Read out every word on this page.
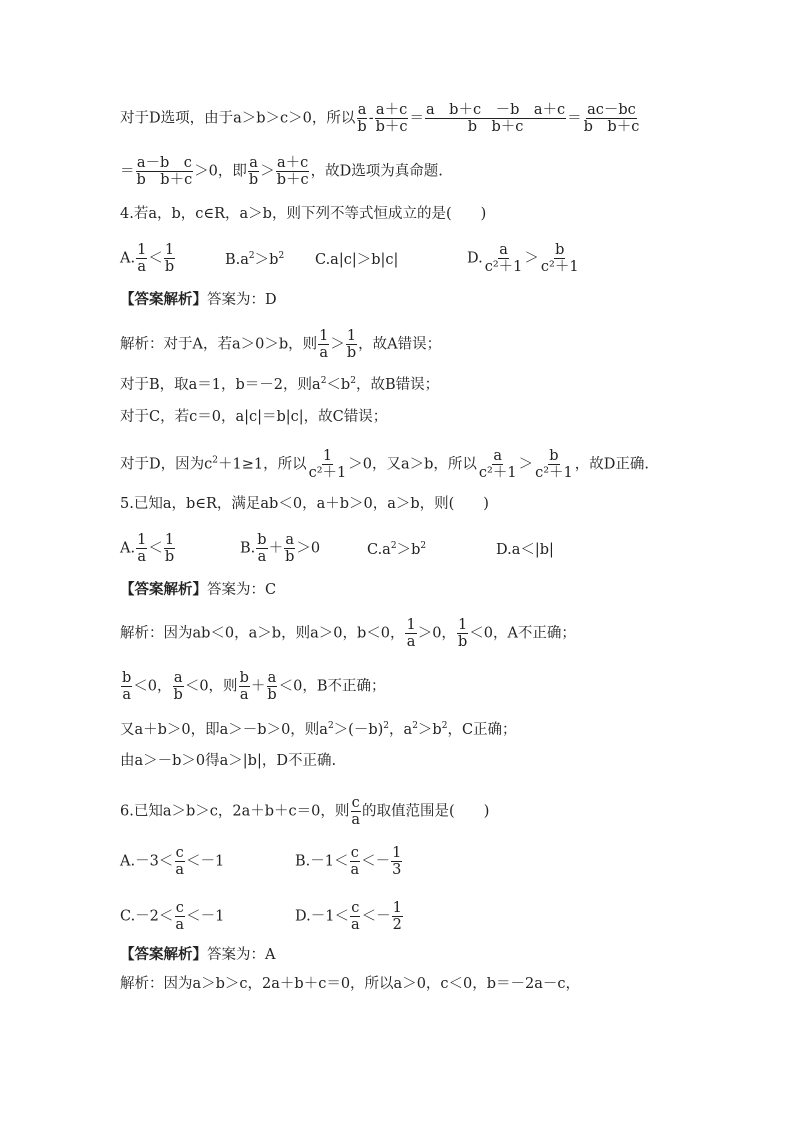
对于D选项，由于a＞b＞c＞0，所以 $\frac{a}{b} - \frac{a+c}{b+c} = \frac{\text{a　b＋c　－b　a＋c}}{\text{b　b＋c}} = \frac{ac-bc}{\text{b　b＋c}}$
＝ $\frac{\text{a－b　c}}{\text{b　b＋c}} >0$，即 $\frac{a}{b} > \frac{a+c}{b+c}$ ，故D选项为真命题.
4.若a，b，c∈R，a＞b，则下列不等式恒成立的是(　　)
A. $\frac{1}{a} < \frac{1}{b}$	$B.a^2>b^2$ C.a|c|＞b|c|	D. $\frac{a}{\text{c²＋1}} > \frac{b}{\text{c²＋1}}$
【答案解析】答案为：D
解析：对于A，若a＞0＞b，则 $\frac{1}{a} > \frac{1}{b}$ ，故A错误；
对于B，取a＝1，b＝－2，则$a^2<b^2$，故B错误；
对于C，若c＝0，a|c|＝b|c|，故C错误；
对于D，因为$c^2+1\ge 1$，所以 $\frac{1}{\text{c²＋1}} >0$，又a＞b，所以 $\frac{a}{\text{c²＋1}} > \frac{b}{\text{c²＋1}}$ ，故D正确.
5.已知a，b∈R，满足ab＜0，a＋b＞0，a＞b，则(　　)
A. $\frac{1}{a} < \frac{1}{b}$	B. $\frac{b}{a} + \frac{a}{b} >0$	$C.a^2>b^2$	D.a＜|b|
【答案解析】答案为：C
解析：因为ab＜0，a＞b，则a＞0，b＜0， $\frac{1}{a} >0$， $\frac{1}{b} <0$，A不正确；
$\frac{b}{a} <0$， $\frac{a}{b} <0$，则 $\frac{b}{a} + \frac{a}{b} <0$，B不正确；
又a＋b＞0，即a＞－b＞0，则$a^2>(-b)^2$，$a^2>b^2$，C正确；
由a＞－b＞0得a＞|b|，D不正确.
6.已知a＞b＞c，2a＋b＋c＝0，则 $\frac{c}{a}$ 的取值范围是(　　)
$A.-3< \frac{c}{a} <-1$	$B.-1< \frac{c}{a} <- \frac{1}{3}$
$C.-2< \frac{c}{a} <-1$	$D.-1< \frac{c}{a} <- \frac{1}{2}$
【答案解析】答案为：A
解析：因为a＞b＞c，2a＋b＋c＝0，所以a＞0，c＜0，b＝－2a－c，
